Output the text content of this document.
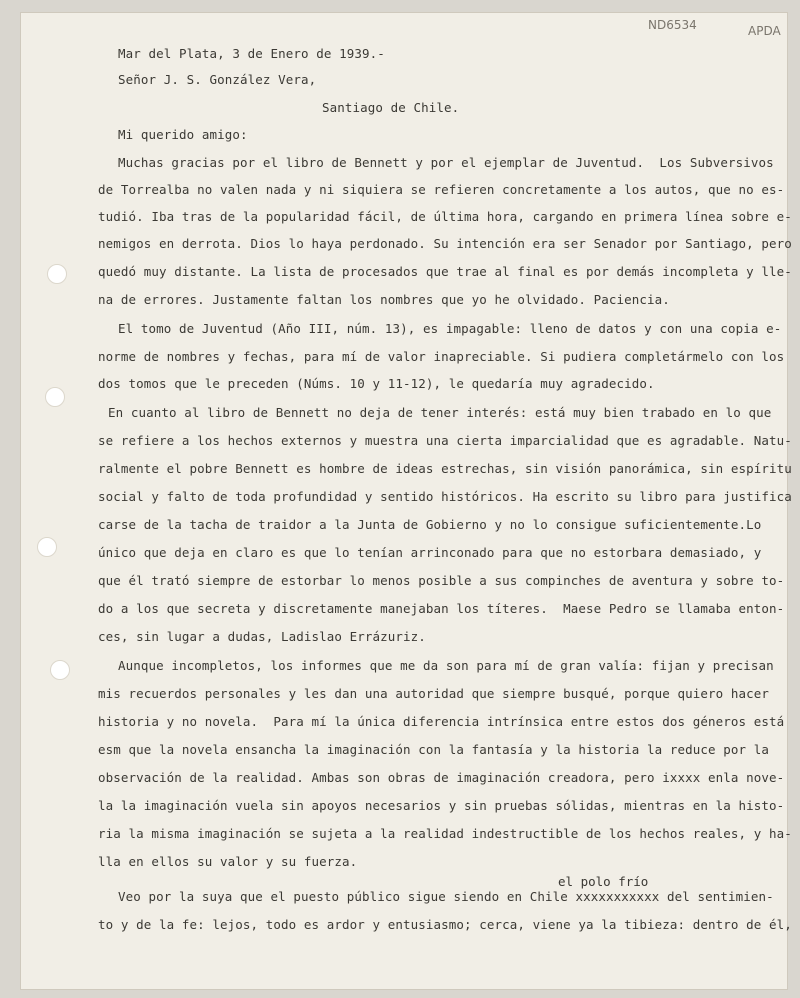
ND6534	APDA
Mar del Plata, 3 de Enero de 1939.-
Señor J. S. González Vera,
Santiago de Chile.
Mi querido amigo:
Muchas gracias por el libro de Bennett y por el ejemplar de Juventud.  Los Subversivos
de Torrealba no valen nada y ni siquiera se refieren concretamente a los autos, que no es-
tudió. Iba tras de la popularidad fácil, de última hora, cargando en primera línea sobre e-
nemigos en derrota. Dios lo haya perdonado. Su intención era ser Senador por Santiago, pero
quedó muy distante. La lista de procesados que trae al final es por demás incompleta y lle-
na de errores. Justamente faltan los nombres que yo he olvidado. Paciencia.
El tomo de Juventud (Año III, núm. 13), es impagable: lleno de datos y con una copia e-
norme de nombres y fechas, para mí de valor inapreciable. Si pudiera completármelo con los
dos tomos que le preceden (Núms. 10 y 11-12), le quedaría muy agradecido.
En cuanto al libro de Bennett no deja de tener interés: está muy bien trabado en lo que
se refiere a los hechos externos y muestra una cierta imparcialidad que es agradable. Natu-
ralmente el pobre Bennett es hombre de ideas estrechas, sin visión panorámica, sin espíritu
social y falto de toda profundidad y sentido históricos. Ha escrito su libro para justifica
carse de la tacha de traidor a la Junta de Gobierno y no lo consigue suficientemente.Lo
único que deja en claro es que lo tenían arrinconado para que no estorbara demasiado, y
que él trató siempre de estorbar lo menos posible a sus compinches de aventura y sobre to-
do a los que secreta y discretamente manejaban los títeres.  Maese Pedro se llamaba enton-
ces, sin lugar a dudas, Ladislao Errázuriz.
Aunque incompletos, los informes que me da son para mí de gran valía: fijan y precisan
mis recuerdos personales y les dan una autoridad que siempre busqué, porque quiero hacer
historia y no novela.  Para mí la única diferencia intrínsica entre estos dos géneros está
esm que la novela ensancha la imaginación con la fantasía y la historia la reduce por la
observación de la realidad. Ambas son obras de imaginación creadora, pero ixxxx enla nove-
la la imaginación vuela sin apoyos necesarios y sin pruebas sólidas, mientras en la histo-
ria la misma imaginación se sujeta a la realidad indestructible de los hechos reales, y ha-
lla en ellos su valor y su fuerza.
el polo frío
Veo por la suya que el puesto público sigue siendo en Chile xxxxxxxxxxx del sentimien-
to y de la fe: lejos, todo es ardor y entusiasmo; cerca, viene ya la tibieza: dentro de él,
